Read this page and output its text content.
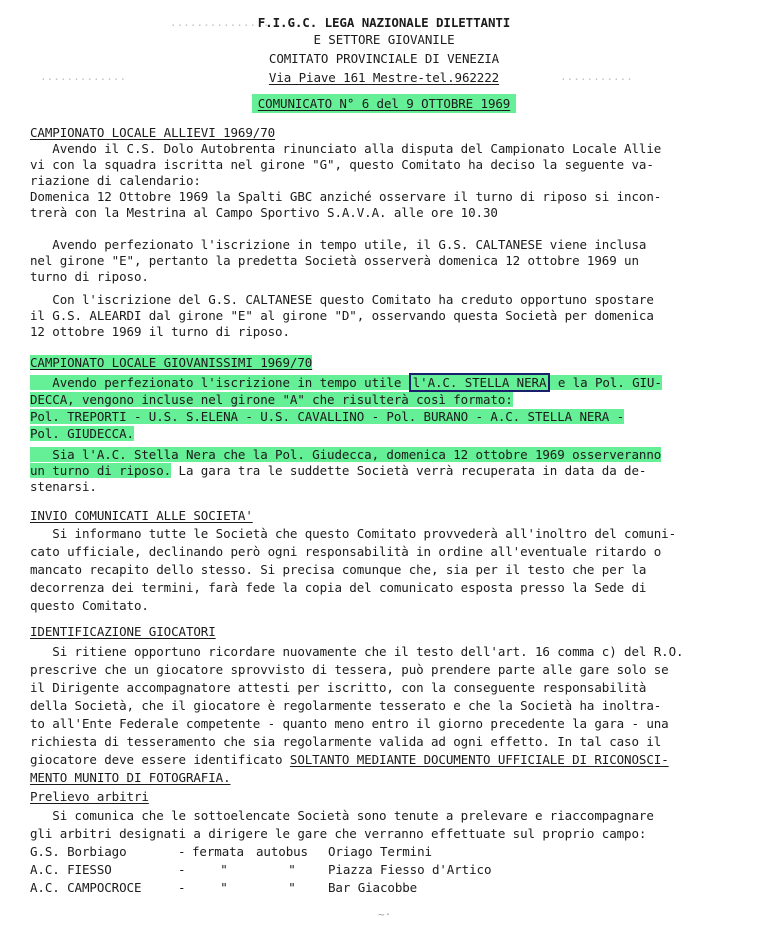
...............
.............	...........
F.I.G.C. LEGA NAZIONALE DILETTANTI
E SETTORE GIOVANILE
COMITATO PROVINCIALE DI VENEZIA
Via Piave 161 Mestre-tel.962222
COMUNICATO N° 6 del 9 OTTOBRE 1969
CAMPIONATO LOCALE ALLIEVI 1969/70
Avendo il C.S. Dolo Autobrenta rinunciato alla disputa del Campionato Locale Allie
vi con la squadra iscritta nel girone "G", questo Comitato ha deciso la seguente va-
riazione di calendario:
Domenica 12 Ottobre 1969 la Spalti GBC anziché osservare il turno di riposo si incon-
trerà con la Mestrina al Campo Sportivo S.A.V.A. alle ore 10.30
Avendo perfezionato l'iscrizione in tempo utile, il G.S. CALTANESE viene inclusa
nel girone "E", pertanto la predetta Società osserverà domenica 12 ottobre 1969 un
turno di riposo.
Con l'iscrizione del G.S. CALTANESE questo Comitato ha creduto opportuno spostare
il G.S. ALEARDI dal girone "E" al girone "D", osservando questa Società per domenica
12 ottobre 1969 il turno di riposo.
CAMPIONATO LOCALE GIOVANISSIMI 1969/70
Avendo perfezionato l'iscrizione in tempo utile l'A.C. STELLA NERA e la Pol. GIU-
DECCA, vengono incluse nel girone "A" che risulterà così formato:
Pol. TREPORTI - U.S. S.ELENA - U.S. CAVALLINO - Pol. BURANO - A.C. STELLA NERA -
Pol. GIUDECCA.
Sia l'A.C. Stella Nera che la Pol. Giudecca, domenica 12 ottobre 1969 osserveranno
un turno di riposo. La gara tra le suddette Società verrà recuperata in data da de-
stenarsi.
INVIO COMUNICATI ALLE SOCIETA'
Si informano tutte le Società che questo Comitato provvederà all'inoltro del comuni-
cato ufficiale, declinando però ogni responsabilità in ordine all'eventuale ritardo o
mancato recapito dello stesso. Si precisa comunque che, sia per il testo che per la
decorrenza dei termini, farà fede la copia del comunicato esposta presso la Sede di
questo Comitato.
IDENTIFICAZIONE GIOCATORI
Si ritiene opportuno ricordare nuovamente che il testo dell'art. 16 comma c) del R.O.
prescrive che un giocatore sprovvisto di tessera, può prendere parte alle gare solo se
il Dirigente accompagnatore attesti per iscritto, con la conseguente responsabilità
della Società, che il giocatore è regolarmente tesserato e che la Società ha inoltra-
to all'Ente Federale competente - quanto meno entro il giorno precedente la gara - una
richiesta di tesseramento che sia regolarmente valida ad ogni effetto. In tal caso il
giocatore deve essere identificato SOLTANTO MEDIANTE DOCUMENTO UFFICIALE DI RICONOSCI-
MENTO MUNITO DI FOTOGRAFIA.
Prelievo arbitri
Si comunica che le sottoelencate Società sono tenute a prelevare e riaccompagnare
gli arbitri designati a dirigere le gare che verranno effettuate sul proprio campo:
G.S. Borbiago	- fermata autobus Oriago Termini
A.C. FIESSO	-	"	"	Piazza Fiesso d'Artico
A.C. CAMPOCROCE	-	"	"	Bar Giacobbe
~·
